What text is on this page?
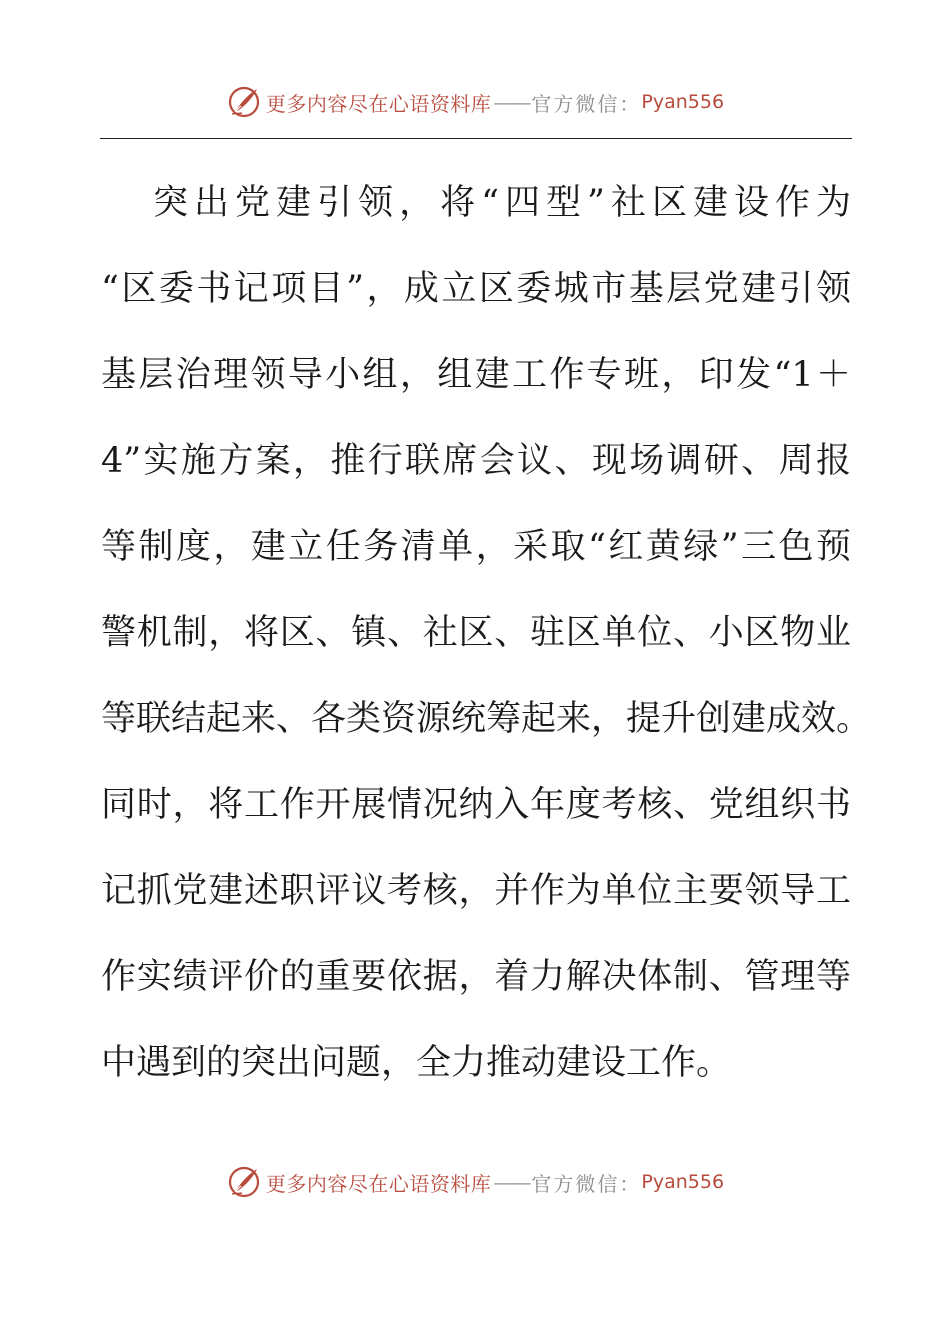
更多内容尽在心语资料库 —— 官方微信： Pyan556
突出党建引领，将“四型”社区建设作为
“区委书记项目”，成立区委城市基层党建引领
基层治理领导小组，组建工作专班，印发“1＋
4”实施方案，推行联席会议、现场调研、周报
等制度，建立任务清单，采取“红黄绿”三色预
警机制，将区、镇、社区、驻区单位、小区物业
等联结起来、各类资源统筹起来，提升创建成效。
同时，将工作开展情况纳入年度考核、党组织书
记抓党建述职评议考核，并作为单位主要领导工
作实绩评价的重要依据，着力解决体制、管理等
中遇到的突出问题，全力推动建设工作。
更多内容尽在心语资料库 —— 官方微信： Pyan556
